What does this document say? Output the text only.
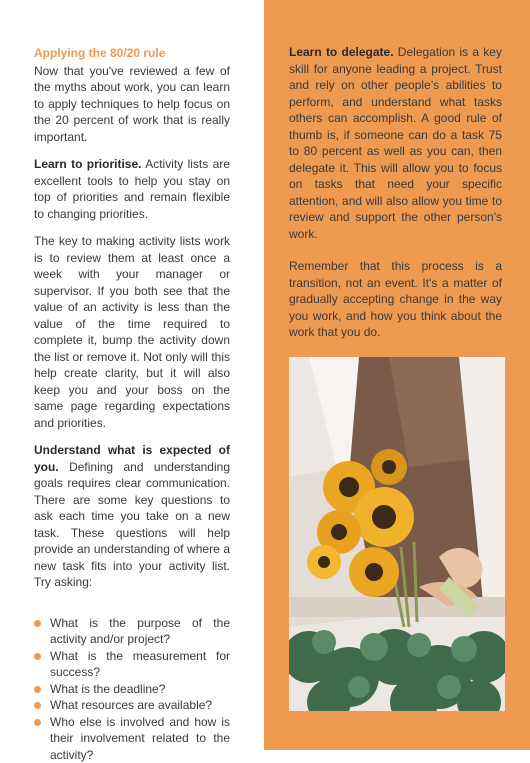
Applying the 80/20 rule

Now that you've reviewed a few of the myths about work, you can learn to apply techniques to help focus on the 20 percent of work that is really important.

Learn to prioritise. Activity lists are excellent tools to help you stay on top of priorities and remain flexible to changing priorities.

The key to making activity lists work is to review them at least once a week with your manager or supervisor. If you both see that the value of an activity is less than the value of the time required to complete it, bump the activity down the list or remove it. Not only will this help create clarity, but it will also keep you and your boss on the same page regarding expectations and priorities.

Understand what is expected of you. Defining and understanding goals requires clear communication. There are some key questions to ask each time you take on a new task. These questions will help provide an understanding of where a new task fits into your activity list. Try asking:

What is the purpose of the activity and/or project?
What is the measurement for success?
What is the deadline?
What resources are available?
Who else is involved and how is their involvement related to the activity?

Learn to delegate. Delegation is a key skill for anyone leading a project. Trust and rely on other people’s abilities to perform, and understand what tasks others can accomplish. A good rule of thumb is, if someone can do a task 75 to 80 percent as well as you can, then delegate it. This will allow you to focus on tasks that need your specific attention, and will also allow you time to review and support the other person's work.

Remember that this process is a transition, not an event. It's a matter of gradually accepting change in the way you work, and how you think about the work that you do.
